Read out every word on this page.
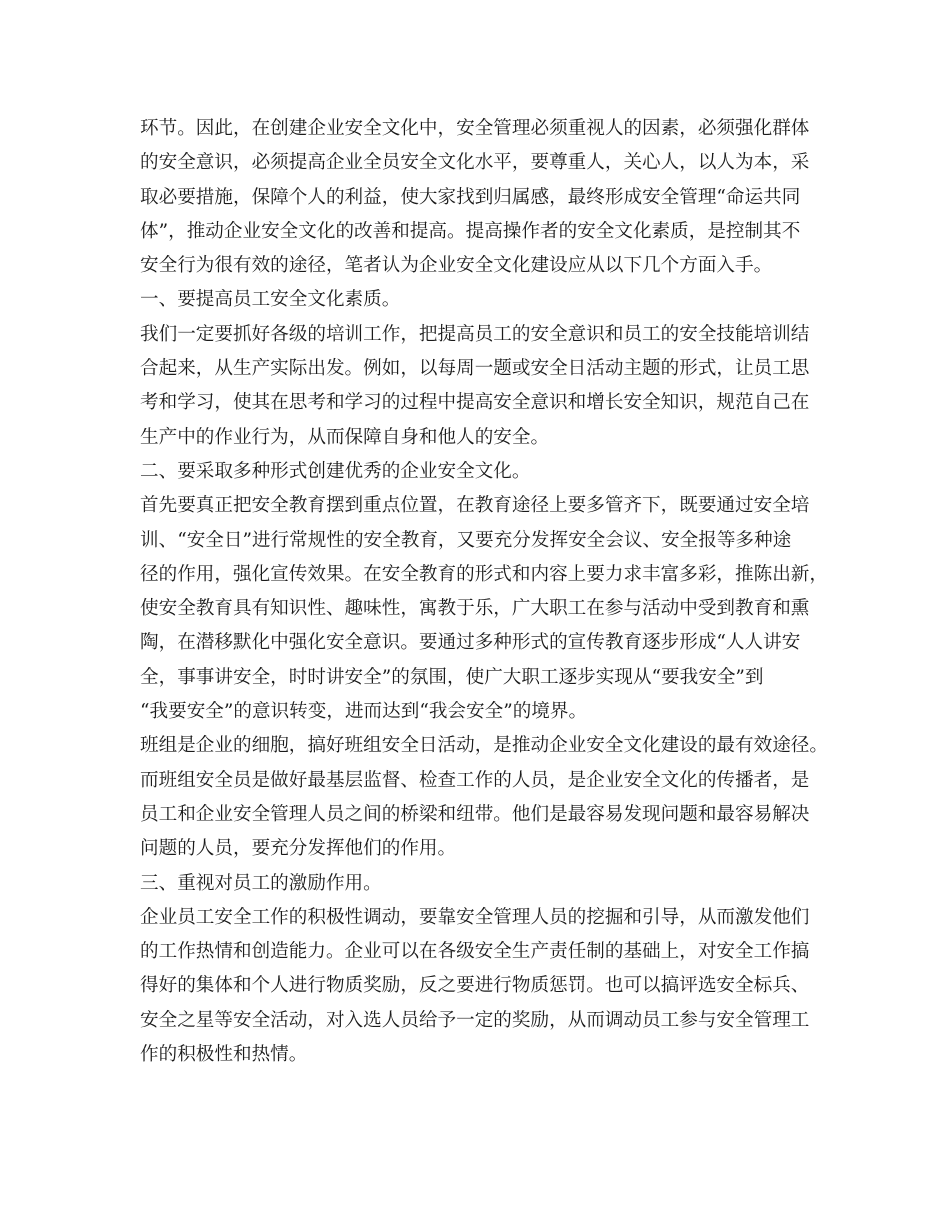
环节。因此，在创建企业安全文化中，安全管理必须重视人的因素，必须强化群体
的安全意识，必须提高企业全员安全文化水平，要尊重人，关心人，以人为本，采
取必要措施，保障个人的利益，使大家找到归属感，最终形成安全管理“命运共同
体”，推动企业安全文化的改善和提高。提高操作者的安全文化素质，是控制其不
安全行为很有效的途径，笔者认为企业安全文化建设应从以下几个方面入手。
一、要提高员工安全文化素质。
我们一定要抓好各级的培训工作，把提高员工的安全意识和员工的安全技能培训结
合起来，从生产实际出发。例如，以每周一题或安全日活动主题的形式，让员工思
考和学习，使其在思考和学习的过程中提高安全意识和增长安全知识，规范自己在
生产中的作业行为，从而保障自身和他人的安全。
二、要采取多种形式创建优秀的企业安全文化。
首先要真正把安全教育摆到重点位置，在教育途径上要多管齐下，既要通过安全培
训、“安全日”进行常规性的安全教育，又要充分发挥安全会议、安全报等多种途
径的作用，强化宣传效果。在安全教育的形式和内容上要力求丰富多彩，推陈出新，
使安全教育具有知识性、趣味性，寓教于乐，广大职工在参与活动中受到教育和熏
陶，在潜移默化中强化安全意识。要通过多种形式的宣传教育逐步形成“人人讲安
全，事事讲安全，时时讲安全”的氛围，使广大职工逐步实现从“要我安全”到
“我要安全”的意识转变，进而达到“我会安全”的境界。
班组是企业的细胞，搞好班组安全日活动，是推动企业安全文化建设的最有效途径。
而班组安全员是做好最基层监督、检查工作的人员，是企业安全文化的传播者，是
员工和企业安全管理人员之间的桥梁和纽带。他们是最容易发现问题和最容易解决
问题的人员，要充分发挥他们的作用。
三、重视对员工的激励作用。
企业员工安全工作的积极性调动，要靠安全管理人员的挖掘和引导，从而激发他们
的工作热情和创造能力。企业可以在各级安全生产责任制的基础上，对安全工作搞
得好的集体和个人进行物质奖励，反之要进行物质惩罚。也可以搞评选安全标兵、
安全之星等安全活动，对入选人员给予一定的奖励，从而调动员工参与安全管理工
作的积极性和热情。
